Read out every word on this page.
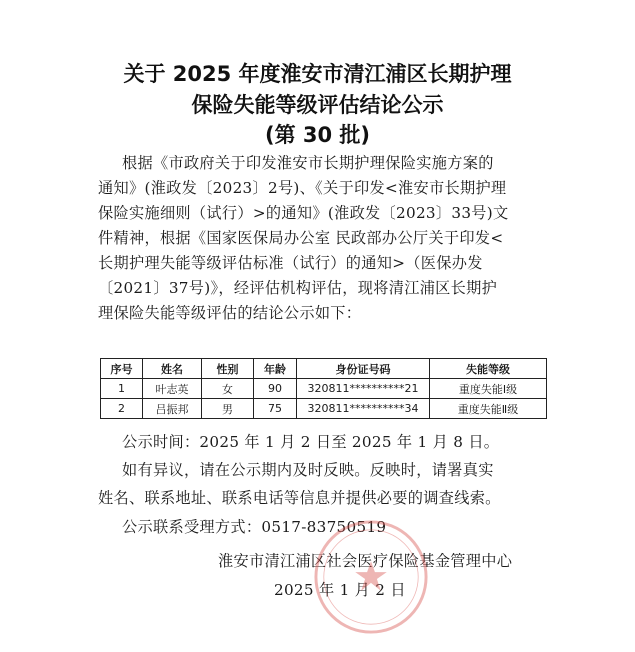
关于 2025 年度淮安市清江浦区长期护理
保险失能等级评估结论公示
(第 30 批)
根据《市政府关于印发淮安市长期护理保险实施方案的
通知》(淮政发〔2023〕2号)、《关于印发<淮安市长期护理
保险实施细则（试行）>的通知》(淮政发〔2023〕33号)文
件精神，根据《国家医保局办公室 民政部办公厅关于印发<
长期护理失能等级评估标准（试行）的通知>（医保办发
〔2021〕37号)》，经评估机构评估，现将清江浦区长期护
理保险失能等级评估的结论公示如下：
序号	姓名	性别	年龄	身份证号码	失能等级
1	叶志英	女	90	320811**********21	重度失能Ⅰ级
2	吕振邦	男	75	320811**********34	重度失能Ⅱ级
公示时间：2025 年 1 月 2 日至 2025 年 1 月 8 日。
如有异议，请在公示期内及时反映。反映时，请署真实
姓名、联系地址、联系电话等信息并提供必要的调查线索。
公示联系受理方式：0517-83750519
淮安市清江浦区社会医疗保险基金管理中心
2025 年 1 月 2 日
